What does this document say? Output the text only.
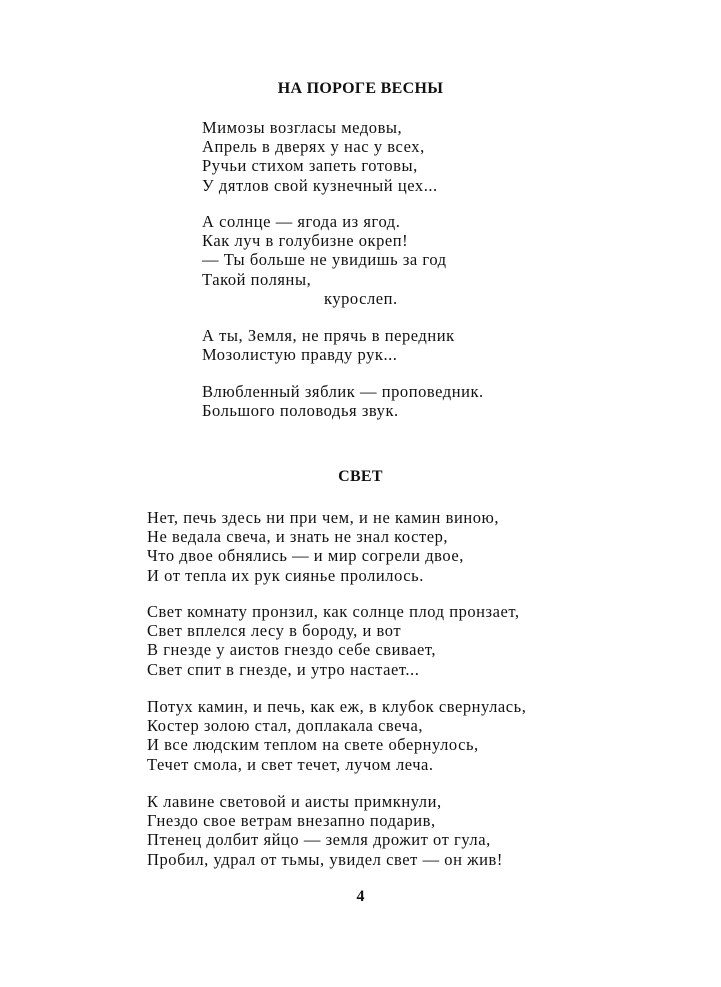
НА ПОРОГЕ ВЕСНЫ
Мимозы возгласы медовы,
Апрель в дверях у нас у всех,
Ручьи стихом запеть готовы,
У дятлов свой кузнечный цех...
А солнце — ягода из ягод.
Как луч в голубизне окреп!
— Ты больше не увидишь за год
Такой поляны,
куpослеп.
А ты, Земля, не прячь в передник
Мозолистую правду рук...
Влюбленный зяблик — проповедник.
Большого половодья звук.
СВЕТ
Нет, печь здесь ни при чем, и не камин виною,
Не ведала свеча, и знать не знал костер,
Что двое обнялись — и мир согрели двое,
И от тепла их рук сиянье пролилось.
Свет комнату пронзил, как солнце плод пронзает,
Свет вплелся лесу в бороду, и вот
В гнезде у аистов гнездо себе свивает,
Свет спит в гнезде, и утро настает...
Потух камин, и печь, как еж, в клубок свернулась,
Костер золою стал, доплакала свеча,
И все людским теплом на свете обернулось,
Течет смола, и свет течет, лучом леча.
К лавине световой и аисты примкнули,
Гнездо свое ветрам внезапно подарив,
Птенец долбит яйцо — земля дрожит от гула,
Пробил, удрал от тьмы, увидел свет — он жив!
4
